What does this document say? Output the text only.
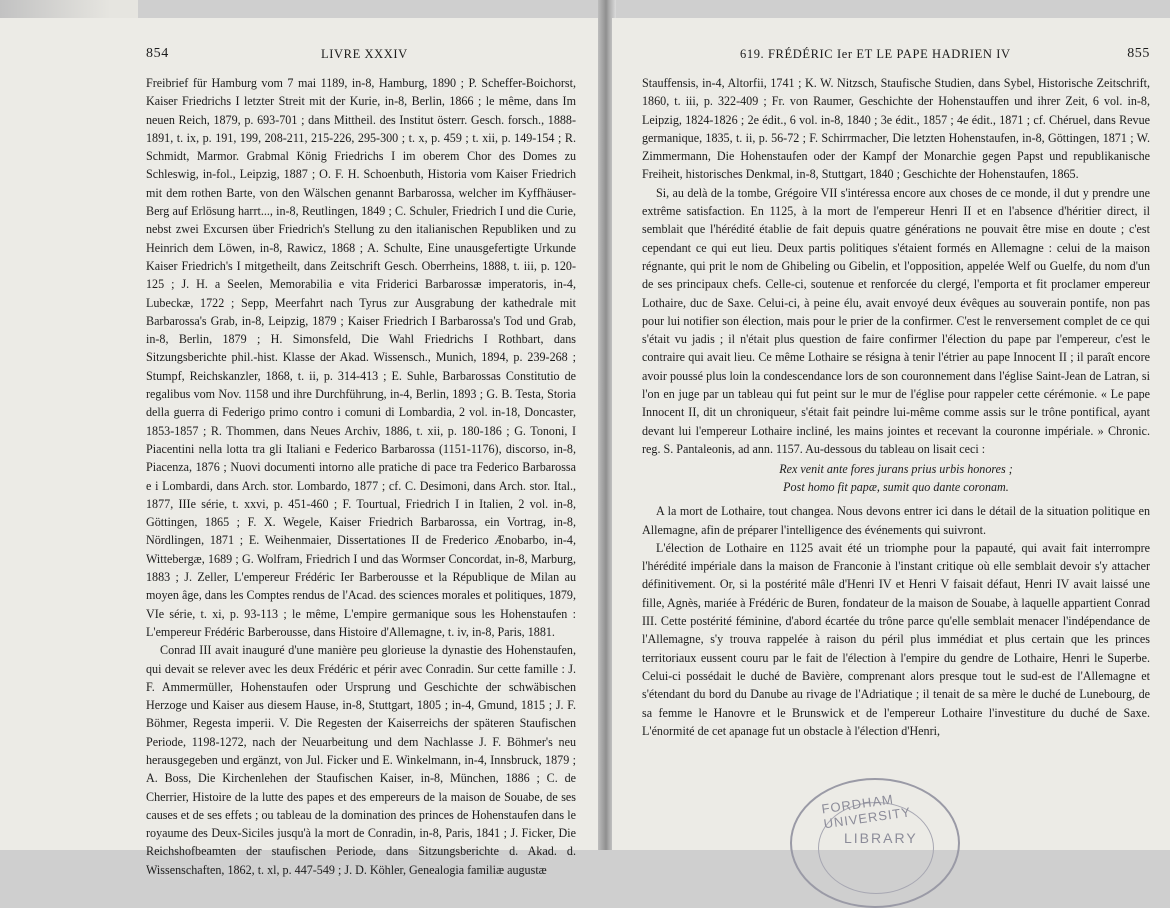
854	LIVRE XXXIV

Freibrief für Hamburg vom 7 mai 1189, in-8, Hamburg, 1890 ; P. Scheffer-Boichorst, Kaiser Friedrichs I letzter Streit mit der Kurie, in-8, Berlin, 1866 ; le même, dans Im neuen Reich, 1879, p. 693-701 ; dans Mittheil. des Institut österr. Gesch. forsch., 1888-1891, t. ix, p. 191, 199, 208-211, 215-226, 295-300 ; t. x, p. 459 ; t. xii, p. 149-154 ; R. Schmidt, Marmor. Grabmal König Friedrichs I im oberem Chor des Domes zu Schleswig, in-fol., Leipzig, 1887 ; O. F. H. Schoenbuth, Historia vom Kaiser Friedrich mit dem rothen Barte, von den Wälschen genannt Barbarossa, welcher im Kyffhäuser-Berg auf Erlösung harrt..., in-8, Reutlingen, 1849 ; C. Schuler, Friedrich I und die Curie, nebst zwei Excursen über Friedrich's Stellung zu den italianischen Republiken und zu Heinrich dem Löwen, in-8, Rawicz, 1868 ; A. Schulte, Eine unausgefertigte Urkunde Kaiser Friedrich's I mitgetheilt, dans Zeitschrift Gesch. Oberrheins, 1888, t. iii, p. 120-125 ; J. H. a Seelen, Memorabilia e vita Friderici Barbarossæ imperatoris, in-4, Lubeckæ, 1722 ; Sepp, Meerfahrt nach Tyrus zur Ausgrabung der kathedrale mit Barbarossa's Grab, in-8, Leipzig, 1879 ; Kaiser Friedrich I Barbarossa's Tod und Grab, in-8, Berlin, 1879 ; H. Simonsfeld, Die Wahl Friedrichs I Rothbart, dans Sitzungsberichte phil.-hist. Klasse der Akad. Wissensch., Munich, 1894, p. 239-268 ; Stumpf, Reichskanzler, 1868, t. ii, p. 314-413 ; E. Suhle, Barbarossas Constitutio de regalibus vom Nov. 1158 und ihre Durchführung, in-4, Berlin, 1893 ; G. B. Testa, Storia della guerra di Federigo primo contro i comuni di Lombardia, 2 vol. in-18, Doncaster, 1853-1857 ; R. Thommen, dans Neues Archiv, 1886, t. xii, p. 180-186 ; G. Tononi, I Piacentini nella lotta tra gli Italiani e Federico Barbarossa (1151-1176), discorso, in-8, Piacenza, 1876 ; Nuovi documenti intorno alle pratiche di pace tra Federico Barbarossa e i Lombardi, dans Arch. stor. Lombardo, 1877 ; cf. C. Desimoni, dans Arch. stor. Ital., 1877, IIIe série, t. xxvi, p. 451-460 ; F. Tourtual, Friedrich I in Italien, 2 vol. in-8, Göttingen, 1865 ; F. X. Wegele, Kaiser Friedrich Barbarossa, ein Vortrag, in-8, Nördlingen, 1871 ; E. Weihenmaier, Dissertationes II de Frederico Ænobarbo, in-4, Wittebergæ, 1689 ; G. Wolfram, Friedrich I und das Wormser Concordat, in-8, Marburg, 1883 ; J. Zeller, L'empereur Frédéric Ier Barberousse et la République de Milan au moyen âge, dans les Comptes rendus de l'Acad. des sciences morales et politiques, 1879, VIe série, t. xi, p. 93-113 ; le même, L'empire germanique sous les Hohenstaufen : L'empereur Frédéric Barberousse, dans Histoire d'Allemagne, t. iv, in-8, Paris, 1881.

Conrad III avait inauguré d'une manière peu glorieuse la dynastie des Hohenstaufen, qui devait se relever avec les deux Frédéric et périr avec Conradin. Sur cette famille : J. F. Ammermüller, Hohenstaufen oder Ursprung und Geschichte der schwäbischen Herzoge und Kaiser aus diesem Hause, in-8, Stuttgart, 1805 ; in-4, Gmund, 1815 ; J. F. Böhmer, Regesta imperii. V. Die Regesten der Kaiserreichs der späteren Staufischen Periode, 1198-1272, nach der Neuarbeitung und dem Nachlasse J. F. Böhmer's neu herausgegeben und ergänzt, von Jul. Ficker und E. Winkelmann, in-4, Innsbruck, 1879 ; A. Boss, Die Kirchenlehen der Staufischen Kaiser, in-8, München, 1886 ; C. de Cherrier, Histoire de la lutte des papes et des empereurs de la maison de Souabe, de ses causes et de ses effets ; ou tableau de la domination des princes de Hohenstaufen dans le royaume des Deux-Siciles jusqu'à la mort de Conradin, in-8, Paris, 1841 ; J. Ficker, Die Reichshofbeamten der staufischen Periode, dans Sitzungsberichte d. Akad. d. Wissenschaften, 1862, t. xl, p. 447-549 ; J. D. Köhler, Genealogia familiæ augustæ

619. FRÉDÉRIC Ier ET LE PAPE HADRIEN IV	855

Stauffensis, in-4, Altorfii, 1741 ; K. W. Nitzsch, Staufische Studien, dans Sybel, Historische Zeitschrift, 1860, t. iii, p. 322-409 ; Fr. von Raumer, Geschichte der Hohenstauffen und ihrer Zeit, 6 vol. in-8, Leipzig, 1824-1826 ; 2e édit., 6 vol. in-8, 1840 ; 3e édit., 1857 ; 4e édit., 1871 ; cf. Chéruel, dans Revue germanique, 1835, t. ii, p. 56-72 ; F. Schirrmacher, Die letzten Hohenstaufen, in-8, Göttingen, 1871 ; W. Zimmermann, Die Hohenstaufen oder der Kampf der Monarchie gegen Papst und republikanische Freiheit, historisches Denkmal, in-8, Stuttgart, 1840 ; Geschichte der Hohenstaufen, 1865.

Si, au delà de la tombe, Grégoire VII s'intéressa encore aux choses de ce monde, il dut y prendre une extrême satisfaction. En 1125, à la mort de l'empereur Henri II et en l'absence d'héritier direct, il semblait que l'hérédité établie de fait depuis quatre générations ne pouvait être mise en doute ; c'est cependant ce qui eut lieu. Deux partis politiques s'étaient formés en Allemagne : celui de la maison régnante, qui prit le nom de Ghibeling ou Gibelin, et l'opposition, appelée Welf ou Guelfe, du nom d'un de ses principaux chefs. Celle-ci, soutenue et renforcée du clergé, l'emporta et fit proclamer empereur Lothaire, duc de Saxe. Celui-ci, à peine élu, avait envoyé deux évêques au souverain pontife, non pas pour lui notifier son élection, mais pour le prier de la confirmer. C'est le renversement complet de ce qui s'était vu jadis ; il n'était plus question de faire confirmer l'élection du pape par l'empereur, c'est le contraire qui avait lieu. Ce même Lothaire se résigna à tenir l'étrier au pape Innocent II ; il paraît encore avoir poussé plus loin la condescendance lors de son couronnement dans l'église Saint-Jean de Latran, si l'on en juge par un tableau qui fut peint sur le mur de l'église pour rappeler cette cérémonie. « Le pape Innocent II, dit un chroniqueur, s'était fait peindre lui-même comme assis sur le trône pontifical, ayant devant lui l'empereur Lothaire incliné, les mains jointes et recevant la couronne impériale. » Chronic. reg. S. Pantaleonis, ad ann. 1157. Au-dessous du tableau on lisait ceci :

Rex venit ante fores jurans prius urbis honores ;
Post homo fit papæ, sumit quo dante coronam.

A la mort de Lothaire, tout changea. Nous devons entrer ici dans le détail de la situation politique en Allemagne, afin de préparer l'intelligence des événements qui suivront.

L'élection de Lothaire en 1125 avait été un triomphe pour la papauté, qui avait fait interrompre l'hérédité impériale dans la maison de Franconie à l'instant critique où elle semblait devoir s'y attacher définitivement. Or, si la postérité mâle d'Henri IV et Henri V faisait défaut, Henri IV avait laissé une fille, Agnès, mariée à Frédéric de Buren, fondateur de la maison de Souabe, à laquelle appartient Conrad III. Cette postérité féminine, d'abord écartée du trône parce qu'elle semblait menacer l'indépendance de l'Allemagne, s'y trouva rappelée à raison du péril plus immédiat et plus certain que les princes territoriaux eussent couru par le fait de l'élection à l'empire du gendre de Lothaire, Henri le Superbe. Celui-ci possédait le duché de Bavière, comprenant alors presque tout le sud-est de l'Allemagne et s'étendant du bord du Danube au rivage de l'Adriatique ; il tenait de sa mère le duché de Lunebourg, de sa femme le Hanovre et le Brunswick et de l'empereur Lothaire l'investiture du duché de Saxe. L'énormité de cet apanage fut un obstacle à l'élection d'Henri,

FORDHAM UNIVERSITY
LIBRARY
